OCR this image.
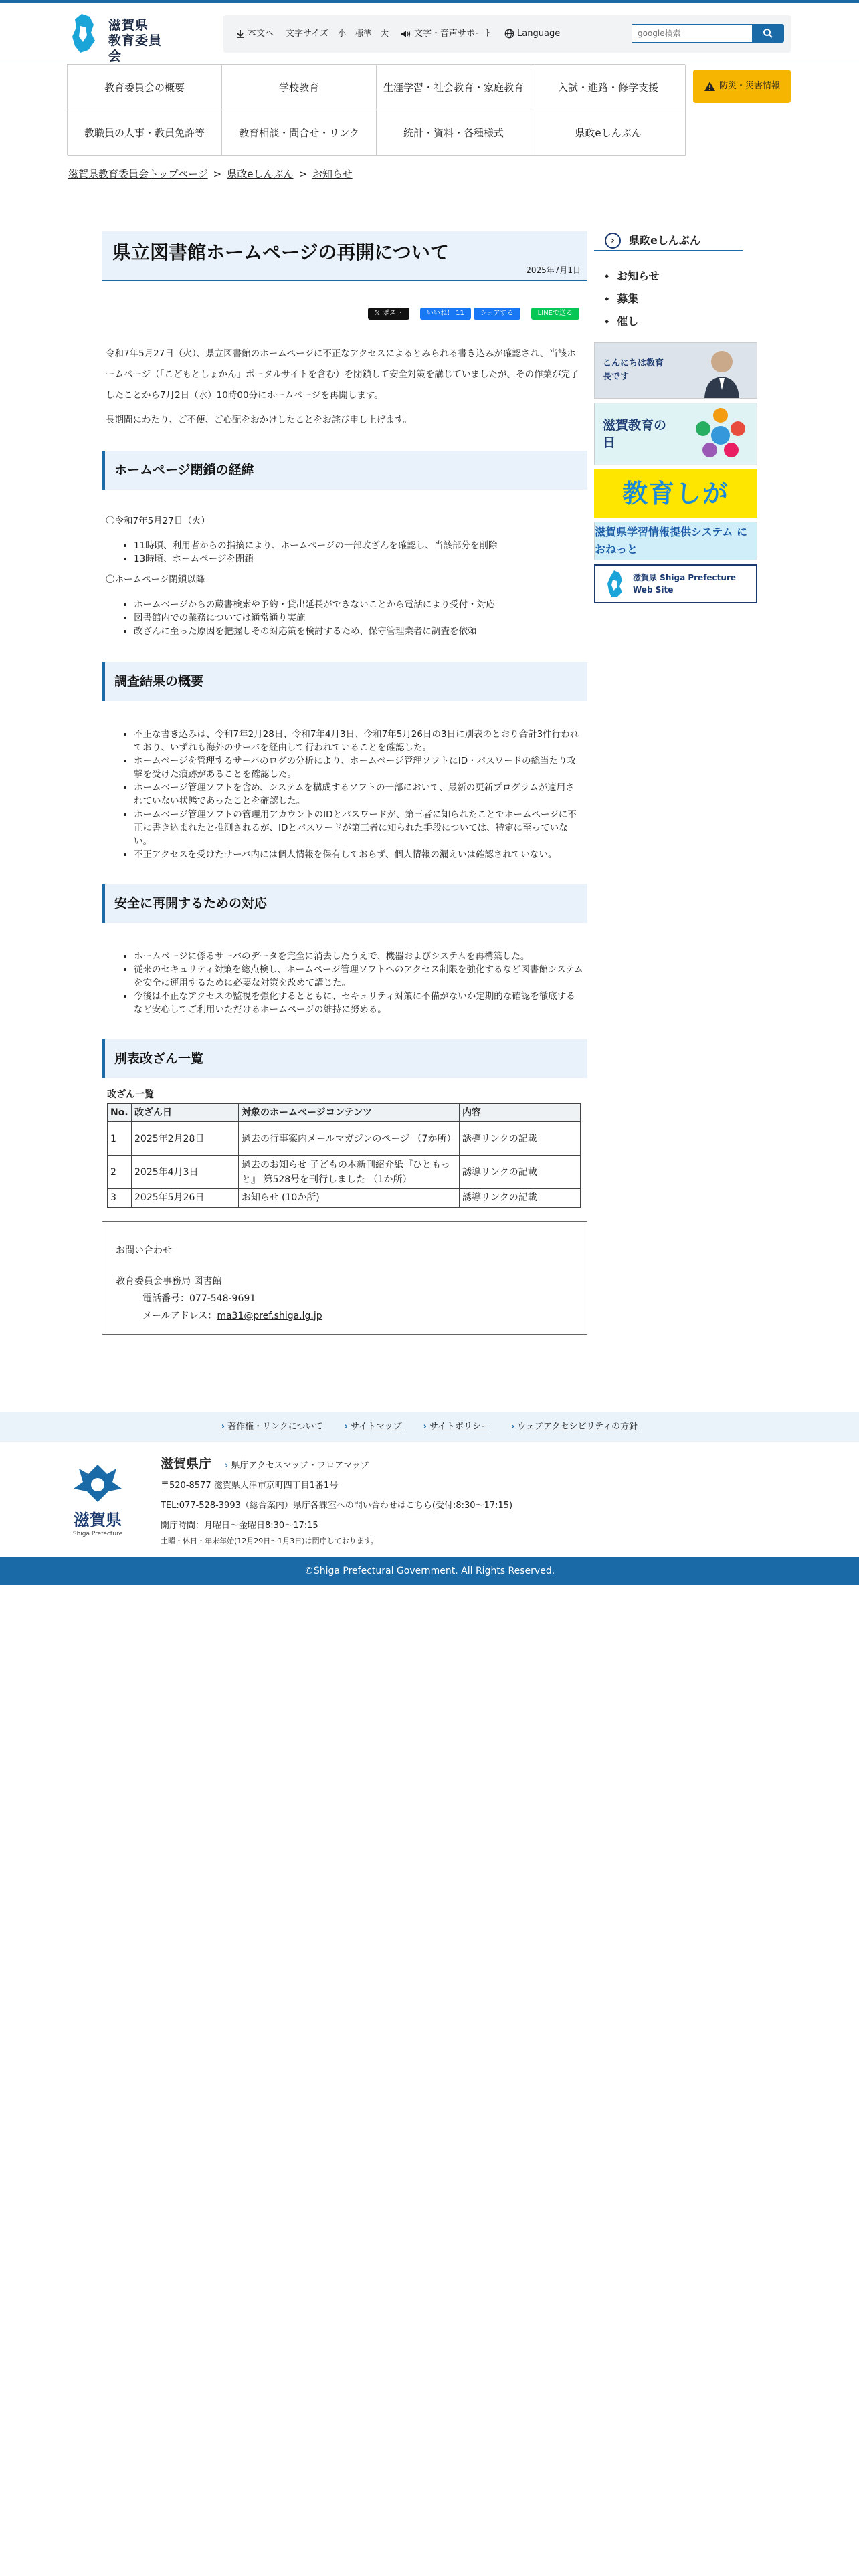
滋賀県
教育委員会
本文へ 文字サイズ 小 標準 大	文字・音声サポート	Language
google検索
教育委員会の概要	学校教育	生涯学習・社会教育・家庭教育	入試・進路・修学支援
教職員の人事・教員免許等	教育相談・問合せ・リンク	統計・資料・各種様式	県政eしんぶん
防災・災害情報
滋賀県教育委員会トップページ > 県政eしんぶん > お知らせ
県立図書館ホームページの再開について
2025年7月1日
𝕏 ポスト	いいね！ 11 シェアする	LINEで送る

令和7年5月27日（火）、県立図書館のホームページに不正なアクセスによるとみられる書き込みが確認され、当該ホームページ（「こどもとしょかん」ポータルサイトを含む）を閉鎖して安全対策を講じていましたが、その作業が完了したことから7月2日（水）10時00分にホームページを再開します。

長期間にわたり、ご不便、ご心配をおかけしたことをお詫び申し上げます。

ホームページ閉鎖の経緯

〇令和7年5月27日（火）

• 11時頃、利用者からの指摘により、ホームページの一部改ざんを確認し、当該部分を削除
• 13時頃、ホームページを閉鎖

〇ホームページ閉鎖以降

• ホームページからの蔵書検索や予約・貸出延長ができないことから電話により受付・対応
• 図書館内での業務については通常通り実施
• 改ざんに至った原因を把握しその対応策を検討するため、保守管理業者に調査を依頼
調査結果の概要
• 不正な書き込みは、令和7年2月28日、令和7年4月3日、令和7年5月26日の3日に別表のとおり合計3件行われており、いずれも海外のサーバを経由して行われていることを確認した。
• ホームページを管理するサーバのログの分析により、ホームページ管理ソフトにID・パスワードの総当たり攻撃を受けた痕跡があることを確認した。
• ホームページ管理ソフトを含め、システムを構成するソフトの一部において、最新の更新プログラムが適用されていない状態であったことを確認した。
• ホームページ管理ソフトの管理用アカウントのIDとパスワードが、第三者に知られたことでホームページに不正に書き込まれたと推測されるが、IDとパスワードが第三者に知られた手段については、特定に至っていない。
• 不正アクセスを受けたサーバ内には個人情報を保有しておらず、個人情報の漏えいは確認されていない。
安全に再開するための対応
• ホームページに係るサーバのデータを完全に消去したうえで、機器およびシステムを再構築した。
• 従来のセキュリティ対策を総点検し、ホームページ管理ソフトへのアクセス制限を強化するなど図書館システムを安全に運用するために必要な対策を改めて講じた。
• 今後は不正なアクセスの監視を強化するとともに、セキュリティ対策に不備がないか定期的な確認を徹底するなど安心してご利用いただけるホームページの維持に努める。
別表改ざん一覧

改ざん一覧

No.	改ざん日	対象のホームページコンテンツ	内容
1	2025年2月28日	過去の行事案内メールマガジンのページ （7か所）	誘導リンクの記載
2	2025年4月3日	過去のお知らせ 子どもの本新刊紹介紙『ひともっと』 第528号を刊行しました （1か所）	誘導リンクの記載
3	2025年5月26日	お知らせ (10か所)	誘導リンクの記載
お問い合わせ
教育委員会事務局 図書館
電話番号：077-548-9691
メールアドレス：ma31@pref.shiga.lg.jp
›	県政eしんぶん
◆ お知らせ
◆ 募集
◆ 催し
こんにちは教育長です
滋賀教育の日
教育しが
滋賀県学習情報提供システム におねっと
滋賀県 Shiga Prefecture Web Site
› 著作権・リンクについて › サイトマップ › サイトポリシー › ウェブアクセシビリティの方針
滋賀県
Shiga Prefecture
滋賀県庁 › 県庁アクセスマップ・フロアマップ
〒520-8577 滋賀県大津市京町四丁目1番1号
TEL:077-528-3993（総合案内）県庁各課室への問い合わせはこちら(受付:8:30～17:15)
開庁時間：月曜日～金曜日8:30～17:15
土曜・休日・年末年始(12月29日～1月3日)は閉庁しております。
©Shiga Prefectural Government. All Rights Reserved.
